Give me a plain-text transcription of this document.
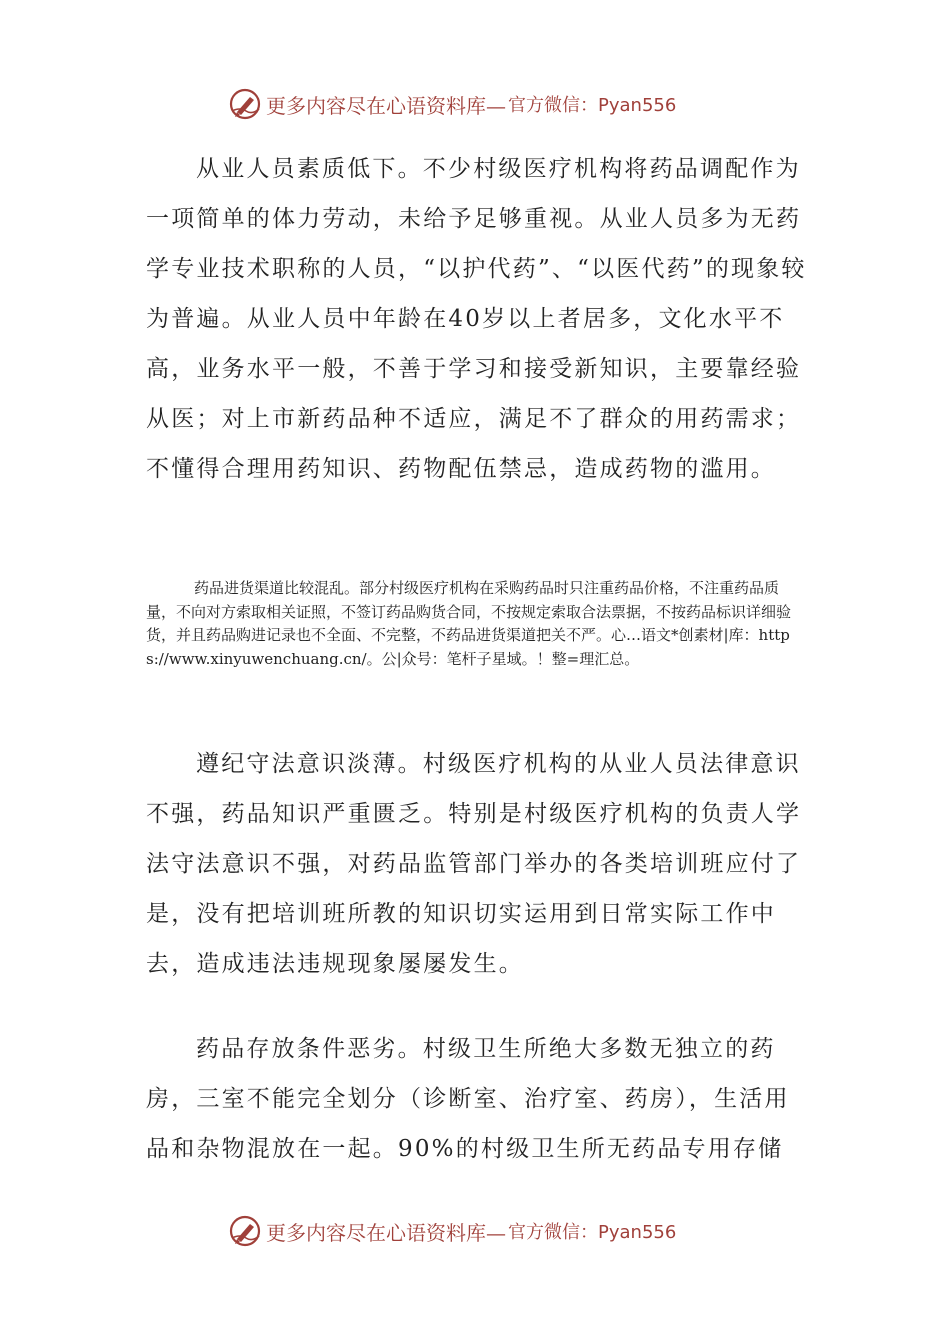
更多内容尽在心语资料库— 官方微信：Pyan556

从业人员素质低下。不少村级医疗机构将药品调配作为一项简单的体力劳动，未给予足够重视。从业人员多为无药学专业技术职称的人员，“以护代药”、“以医代药”的现象较为普遍。从业人员中年龄在40岁以上者居多，文化水平不高，业务水平一般，不善于学习和接受新知识，主要靠经验从医；对上市新药品种不适应，满足不了群众的用药需求；不懂得合理用药知识、药物配伍禁忌，造成药物的滥用。

药品进货渠道比较混乱。部分村级医疗机构在采购药品时只注重药品价格，不注重药品质量，不向对方索取相关证照，不签订药品购货合同，不按规定索取合法票据，不按药品标识详细验货，并且药品购进记录也不全面、不完整，不药品进货渠道把关不严。心…语文*创素材|库：https://www.xinyuwenchuang.cn/。公|众号：笔杆子星域。！整=理汇总。

遵纪守法意识淡薄。村级医疗机构的从业人员法律意识不强，药品知识严重匮乏。特别是村级医疗机构的负责人学法守法意识不强，对药品监管部门举办的各类培训班应付了是，没有把培训班所教的知识切实运用到日常实际工作中去，造成违法违规现象屡屡发生。

药品存放条件恶劣。村级卫生所绝大多数无独立的药房，三室不能完全划分（诊断室、治疗室、药房），生活用品和杂物混放在一起。90%的村级卫生所无药品专用存储

更多内容尽在心语资料库— 官方微信：Pyan556
